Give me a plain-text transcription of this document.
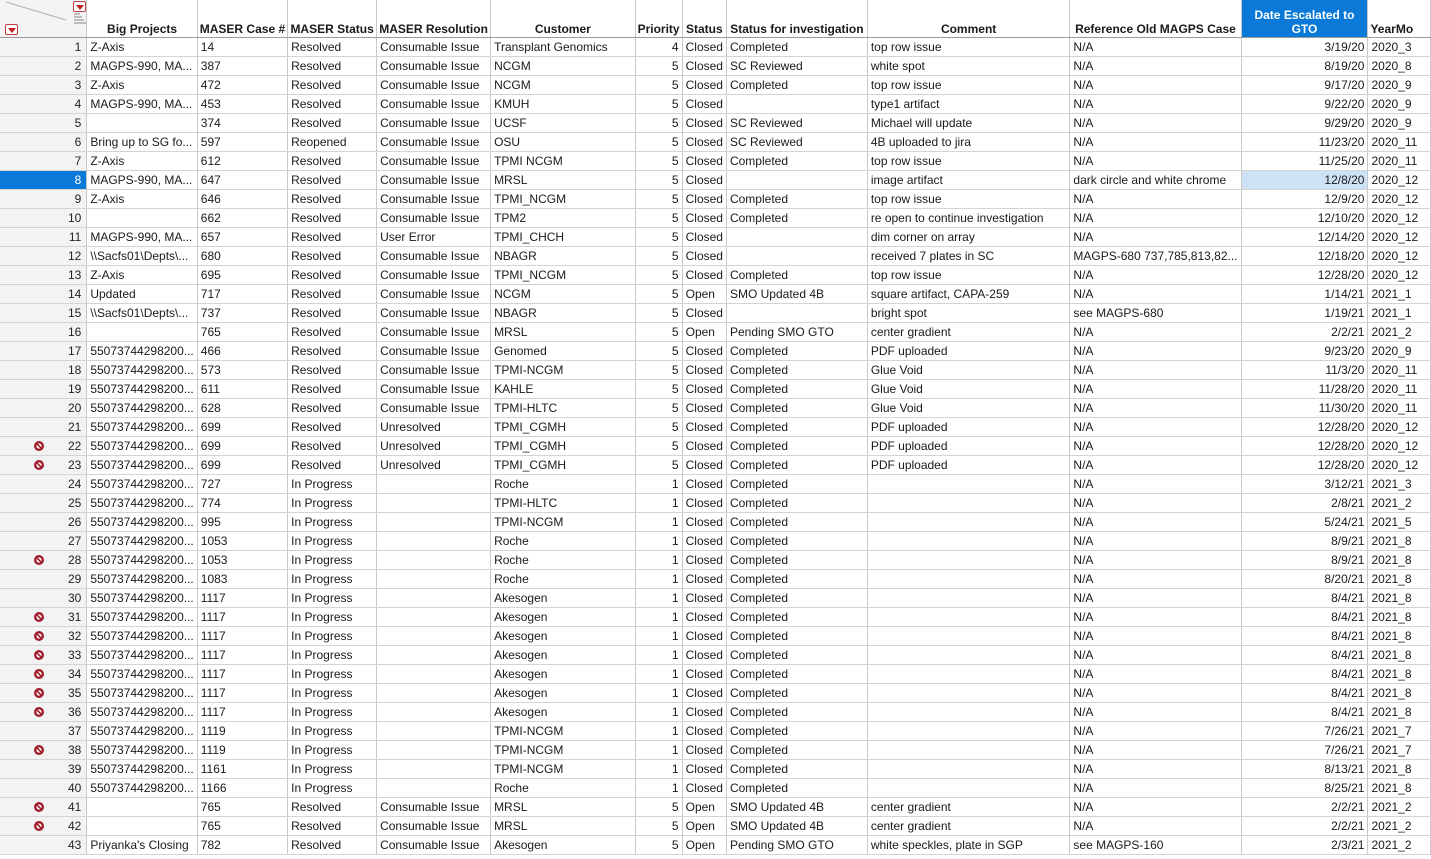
	Big Projects	MASER Case #	MASER Status	MASER Resolution	Customer	Priority	Status	Status for investigation	Comment	Reference Old MAGPS Case	Date Escalated to GTO	YearMo
1	Z-Axis	14	Resolved	Consumable Issue	Transplant Genomics	4	Closed	Completed	top row issue	N/A	3/19/20	2020_3
2	MAGPS-990, MA...	387	Resolved	Consumable Issue	NCGM	5	Closed	SC Reviewed	white spot	N/A	8/19/20	2020_8
3	Z-Axis	472	Resolved	Consumable Issue	NCGM	5	Closed	Completed	top row issue	N/A	9/17/20	2020_9
4	MAGPS-990, MA...	453	Resolved	Consumable Issue	KMUH	5	Closed		type1 artifact	N/A	9/22/20	2020_9
5		374	Resolved	Consumable Issue	UCSF	5	Closed	SC Reviewed	Michael will update	N/A	9/29/20	2020_9
6	Bring up to SG fo...	597	Reopened	Consumable Issue	OSU	5	Closed	SC Reviewed	4B uploaded to jira	N/A	11/23/20	2020_11
7	Z-Axis	612	Resolved	Consumable Issue	TPMI NCGM	5	Closed	Completed	top row issue	N/A	11/25/20	2020_11
8	MAGPS-990, MA...	647	Resolved	Consumable Issue	MRSL	5	Closed		image artifact	dark circle and white chrome	12/8/20	2020_12
9	Z-Axis	646	Resolved	Consumable Issue	TPMI_NCGM	5	Closed	Completed	top row issue	N/A	12/9/20	2020_12
10		662	Resolved	Consumable Issue	TPM2	5	Closed	Completed	re open to continue investigation	N/A	12/10/20	2020_12
11	MAGPS-990, MA...	657	Resolved	User Error	TPMI_CHCH	5	Closed		dim corner on array	N/A	12/14/20	2020_12
12	\\Sacfs01\Depts\...	680	Resolved	Consumable Issue	NBAGR	5	Closed		received 7 plates in SC	MAGPS-680 737,785,813,82...	12/18/20	2020_12
13	Z-Axis	695	Resolved	Consumable Issue	TPMI_NCGM	5	Closed	Completed	top row issue	N/A	12/28/20	2020_12
14	Updated	717	Resolved	Consumable Issue	NCGM	5	Open	SMO Updated 4B	square artifact, CAPA-259	N/A	1/14/21	2021_1
15	\\Sacfs01\Depts\...	737	Resolved	Consumable Issue	NBAGR	5	Closed		bright spot	see MAGPS-680	1/19/21	2021_1
16		765	Resolved	Consumable Issue	MRSL	5	Open	Pending SMO GTO	center gradient	N/A	2/2/21	2021_2
17	55073744298200...	466	Resolved	Consumable Issue	Genomed	5	Closed	Completed	PDF uploaded	N/A	9/23/20	2020_9
18	55073744298200...	573	Resolved	Consumable Issue	TPMI-NCGM	5	Closed	Completed	Glue Void	N/A	11/3/20	2020_11
19	55073744298200...	611	Resolved	Consumable Issue	KAHLE	5	Closed	Completed	Glue Void	N/A	11/28/20	2020_11
20	55073744298200...	628	Resolved	Consumable Issue	TPMI-HLTC	5	Closed	Completed	Glue Void	N/A	11/30/20	2020_11
21	55073744298200...	699	Resolved	Unresolved	TPMI_CGMH	5	Closed	Completed	PDF uploaded	N/A	12/28/20	2020_12

22	55073744298200...	699	Resolved	Unresolved	TPMI_CGMH	5	Closed	Completed	PDF uploaded	N/A	12/28/20	2020_12

23	55073744298200...	699	Resolved	Unresolved	TPMI_CGMH	5	Closed	Completed	PDF uploaded	N/A	12/28/20	2020_12
24	55073744298200...	727	In Progress		Roche	1	Closed	Completed		N/A	3/12/21	2021_3
25	55073744298200...	774	In Progress		TPMI-HLTC	1	Closed	Completed		N/A	2/8/21	2021_2
26	55073744298200...	995	In Progress		TPMI-NCGM	1	Closed	Completed		N/A	5/24/21	2021_5
27	55073744298200...	1053	In Progress		Roche	1	Closed	Completed		N/A	8/9/21	2021_8

28	55073744298200...	1053	In Progress		Roche	1	Closed	Completed		N/A	8/9/21	2021_8
29	55073744298200...	1083	In Progress		Roche	1	Closed	Completed		N/A	8/20/21	2021_8
30	55073744298200...	1117	In Progress		Akesogen	1	Closed	Completed		N/A	8/4/21	2021_8

31	55073744298200...	1117	In Progress		Akesogen	1	Closed	Completed		N/A	8/4/21	2021_8

32	55073744298200...	1117	In Progress		Akesogen	1	Closed	Completed		N/A	8/4/21	2021_8

33	55073744298200...	1117	In Progress		Akesogen	1	Closed	Completed		N/A	8/4/21	2021_8

34	55073744298200...	1117	In Progress		Akesogen	1	Closed	Completed		N/A	8/4/21	2021_8

35	55073744298200...	1117	In Progress		Akesogen	1	Closed	Completed		N/A	8/4/21	2021_8

36	55073744298200...	1117	In Progress		Akesogen	1	Closed	Completed		N/A	8/4/21	2021_8
37	55073744298200...	1119	In Progress		TPMI-NCGM	1	Closed	Completed		N/A	7/26/21	2021_7

38	55073744298200...	1119	In Progress		TPMI-NCGM	1	Closed	Completed		N/A	7/26/21	2021_7
39	55073744298200...	1161	In Progress		TPMI-NCGM	1	Closed	Completed		N/A	8/13/21	2021_8
40	55073744298200...	1166	In Progress		Roche	1	Closed	Completed		N/A	8/25/21	2021_8

41		765	Resolved	Consumable Issue	MRSL	5	Open	SMO Updated 4B	center gradient	N/A	2/2/21	2021_2

42		765	Resolved	Consumable Issue	MRSL	5	Open	SMO Updated 4B	center gradient	N/A	2/2/21	2021_2
43	Priyanka's Closing	782	Resolved	Consumable Issue	Akesogen	5	Open	Pending SMO GTO	white speckles, plate in SGP	see MAGPS-160	2/3/21	2021_2
